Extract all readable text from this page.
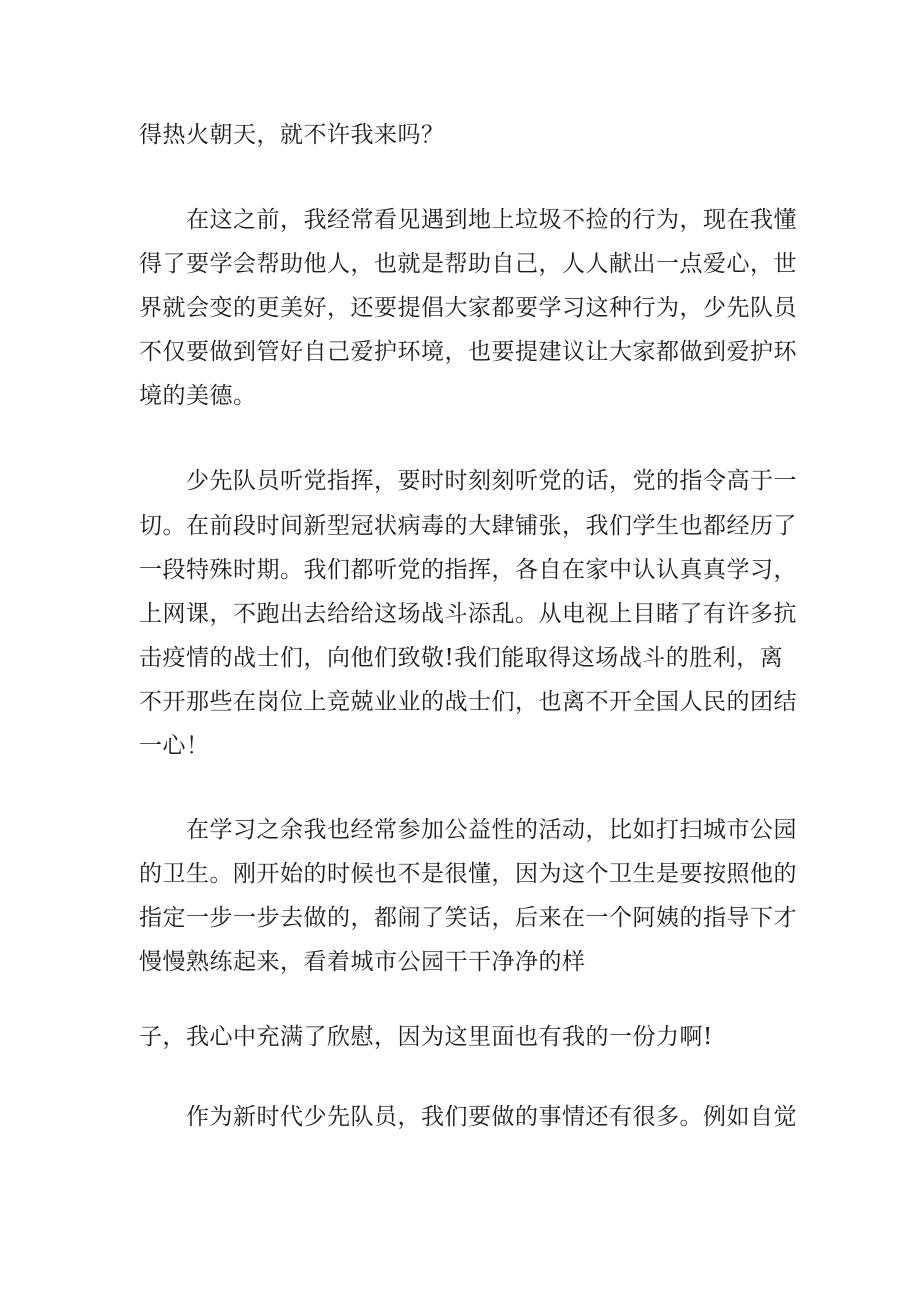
得热火朝天，就不许我来吗？
在这之前，我经常看见遇到地上垃圾不捡的行为，现在我懂
得了要学会帮助他人，也就是帮助自己，人人献出一点爱心，世
界就会变的更美好，还要提倡大家都要学习这种行为，少先队员
不仅要做到管好自己爱护环境，也要提建议让大家都做到爱护环
境的美德。
少先队员听党指挥，要时时刻刻听党的话，党的指令高于一
切。在前段时间新型冠状病毒的大肆铺张，我们学生也都经历了
一段特殊时期。我们都听党的指挥，各自在家中认认真真学习，
上网课，不跑出去给给这场战斗添乱。从电视上目睹了有许多抗
击疫情的战士们，向他们致敬!我们能取得这场战斗的胜利，离
不开那些在岗位上竞兢业业的战士们，也离不开全国人民的团结
一心！
在学习之余我也经常参加公益性的活动，比如打扫城市公园
的卫生。刚开始的时候也不是很懂，因为这个卫生是要按照他的
指定一步一步去做的，都闹了笑话，后来在一个阿姨的指导下才
慢慢熟练起来，看着城市公园干干净净的样
子，我心中充满了欣慰，因为这里面也有我的一份力啊!
作为新时代少先队员，我们要做的事情还有很多。例如自觉
